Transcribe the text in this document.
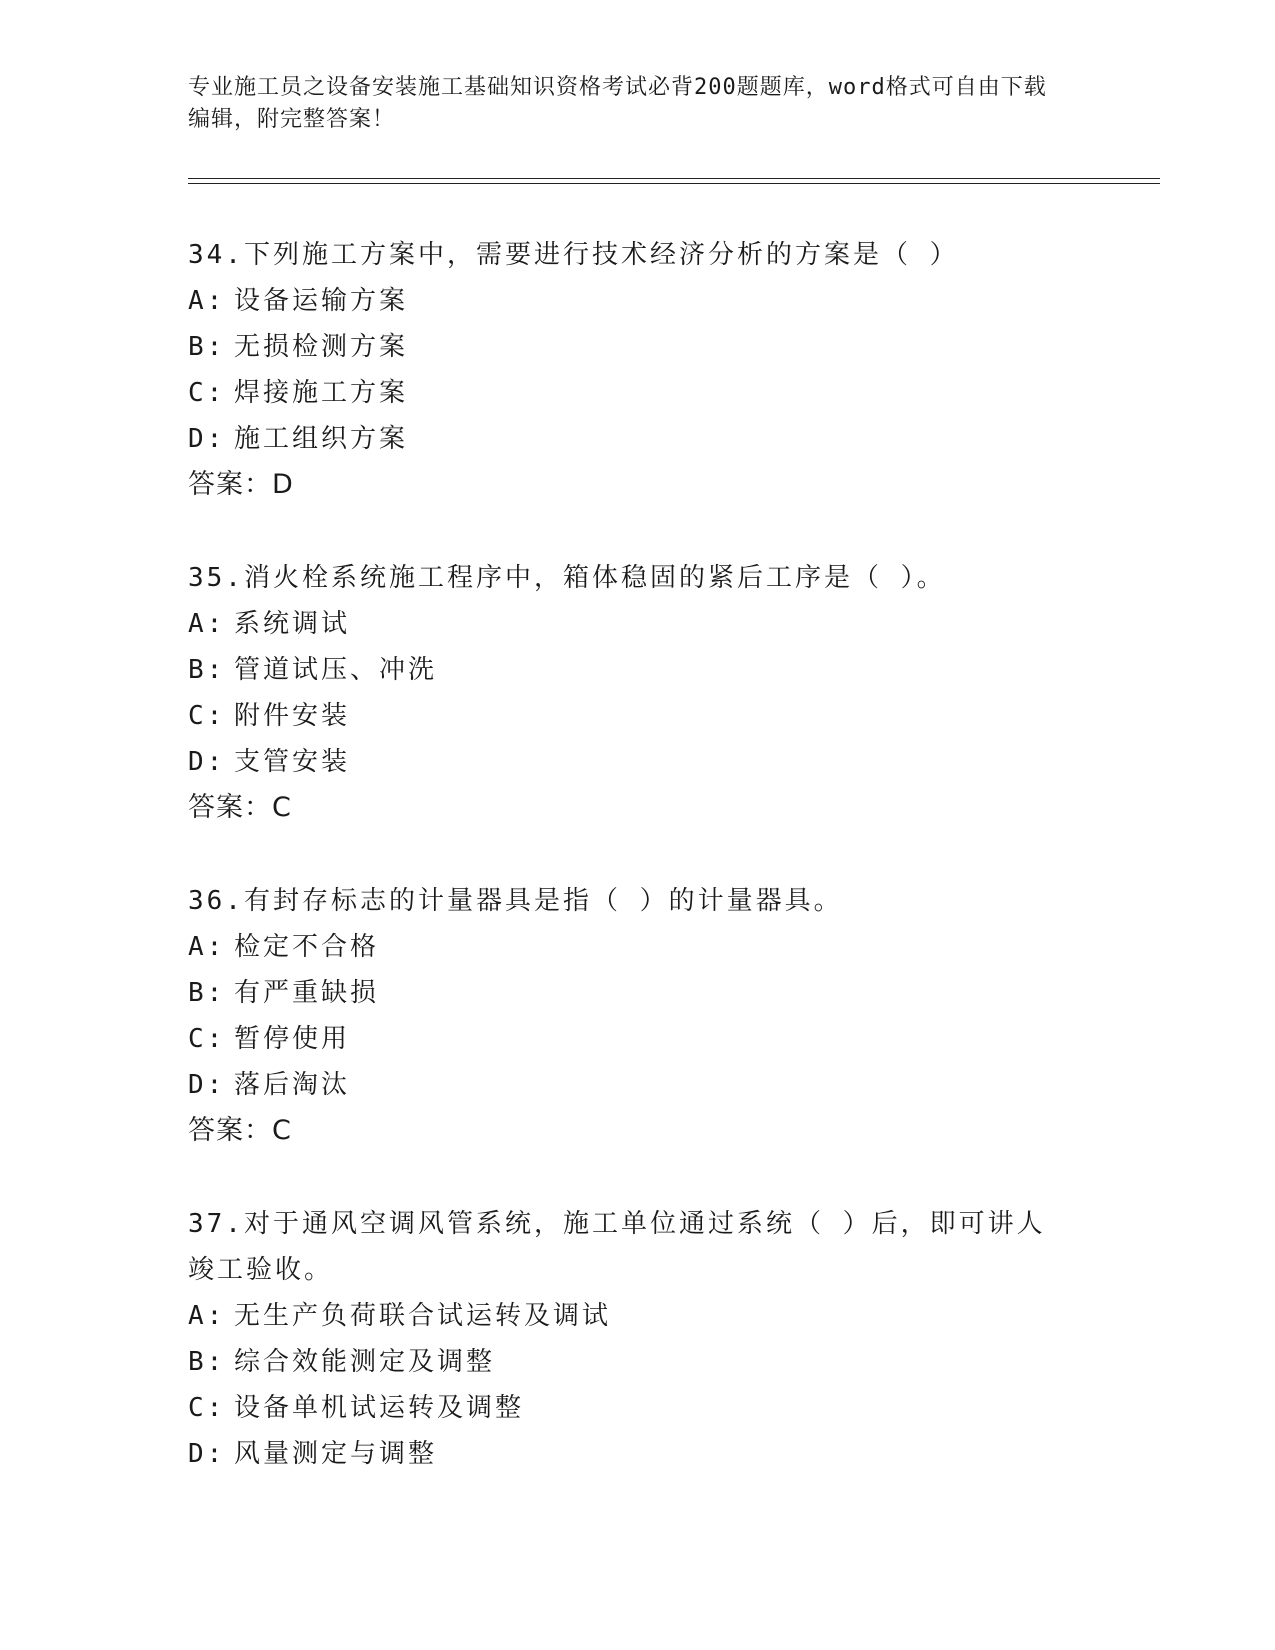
专业施工员之设备安装施工基础知识资格考试必背200题题库，word格式可自由下载编辑，附完整答案！
34.下列施工方案中，需要进行技术经济分析的方案是（ ）
A: 设备运输方案
B: 无损检测方案
C: 焊接施工方案
D: 施工组织方案
答案：D
35.消火栓系统施工程序中，箱体稳固的紧后工序是（ ）。
A: 系统调试
B: 管道试压、冲洗
C: 附件安装
D: 支管安装
答案：C
36.有封存标志的计量器具是指（ ）的计量器具。
A: 检定不合格
B: 有严重缺损
C: 暂停使用
D: 落后淘汰
答案：C
37.对于通风空调风管系统，施工单位通过系统（ ）后，即可讲人竣工验收。
A: 无生产负荷联合试运转及调试
B: 综合效能测定及调整
C: 设备单机试运转及调整
D: 风量测定与调整
